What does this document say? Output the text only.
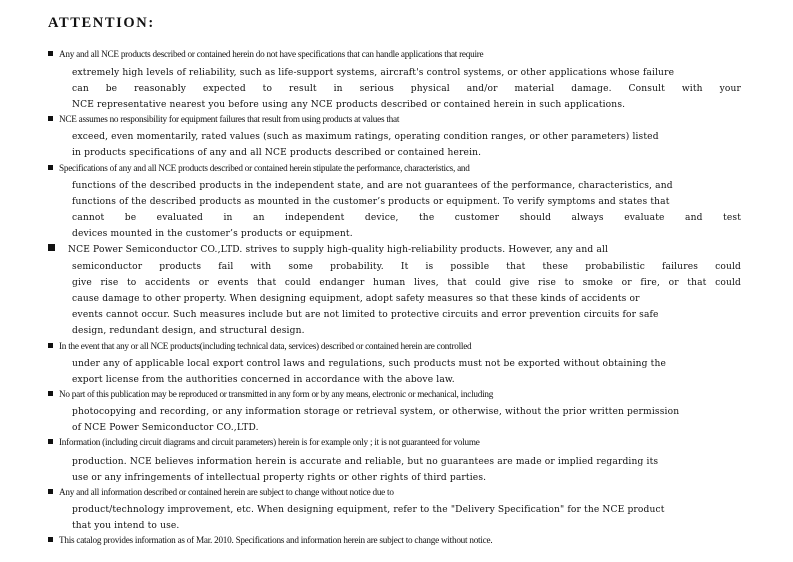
ATTENTION:
Any and all NCE products described or contained herein do not have specifications that can handle applications that require
extremely high levels of reliability, such as life-support systems, aircraft's control systems, or other applications whose failure
can be reasonably expected to result in serious physical and/or material damage. Consult with your
NCE representative nearest you before using any NCE products described or contained herein in such applications.
NCE assumes no responsibility for equipment failures that result from using products at values that
exceed, even momentarily, rated values (such as maximum ratings, operating condition ranges, or other parameters) listed
in products specifications of any and all NCE products described or contained herein.
Specifications of any and all NCE products described or contained herein stipulate the performance, characteristics, and
functions of the described products in the independent state, and are not guarantees of the performance, characteristics, and
functions of the described products as mounted in the customer’s products or equipment. To verify symptoms and states that
cannot be evaluated in an independent device, the customer should always evaluate and test
devices mounted in the customer’s products or equipment.
NCE Power Semiconductor CO.,LTD. strives to supply high-quality high-reliability products. However, any and all
semiconductor products fail with some probability. It is possible that these probabilistic failures could
give rise to accidents or events that could endanger human lives, that could give rise to smoke or fire, or that could
cause damage to other property. When designing equipment, adopt safety measures so that these kinds of accidents or
events cannot occur. Such measures include but are not limited to protective circuits and error prevention circuits for safe
design, redundant design, and structural design.
In the event that any or all NCE products(including technical data, services) described or contained herein are controlled
under any of applicable local export control laws and regulations, such products must not be exported without obtaining the
export license from the authorities concerned in accordance with the above law.
No part of this publication may be reproduced or transmitted in any form or by any means, electronic or mechanical, including
photocopying and recording, or any information storage or retrieval system, or otherwise, without the prior written permission
of NCE Power Semiconductor CO.,LTD.
Information (including circuit diagrams and circuit parameters) herein is for example only ; it is not guaranteed for volume
production. NCE believes information herein is accurate and reliable, but no guarantees are made or implied regarding its
use or any infringements of intellectual property rights or other rights of third parties.
Any and all information described or contained herein are subject to change without notice due to
product/technology improvement, etc. When designing equipment, refer to the "Delivery Specification" for the NCE product
that you intend to use.
This catalog provides information as of Mar. 2010. Specifications and information herein are subject to change without notice.
